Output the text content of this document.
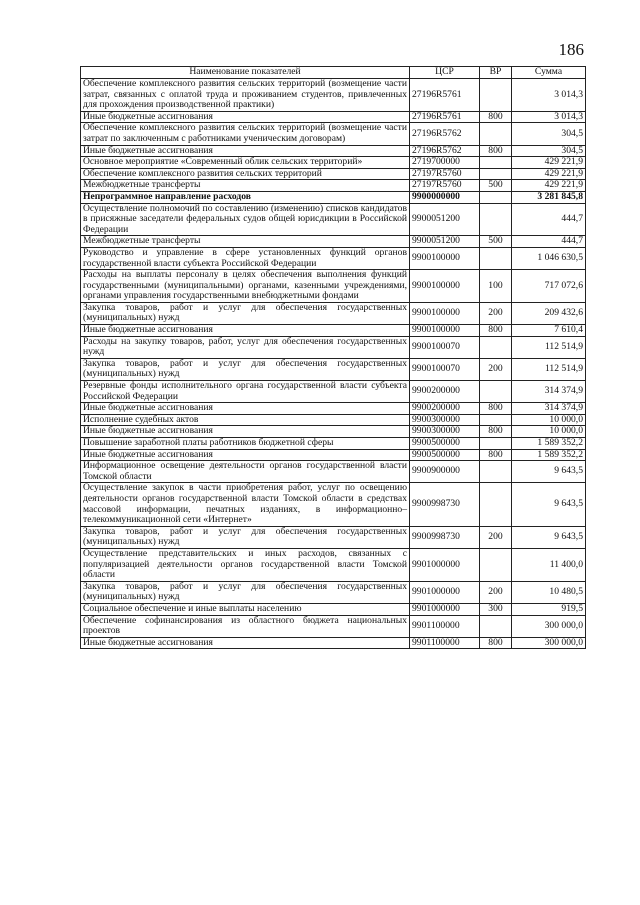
186
Наименование показателей	ЦСР	ВР	Сумма
Обеспечение комплексного развития сельских территорий (возмещение части затрат, связанных с оплатой труда и проживанием студентов, привлеченных для прохождения производственной практики)	27196R5761		3 014,3
Иные бюджетные ассигнования	27196R5761	800	3 014,3
Обеспечение комплексного развития сельских территорий (возмещение части затрат по заключенным с работниками ученическим договорам)	27196R5762		304,5
Иные бюджетные ассигнования	27196R5762	800	304,5
Основное мероприятие «Современный облик сельских территорий»	2719700000		429 221,9
Обеспечение комплексного развития сельских территорий	27197R5760		429 221,9
Межбюджетные трансферты	27197R5760	500	429 221,9
Непрограммное направление расходов	9900000000		3 281 845,8
Осуществление полномочий по составлению (изменению) списков кандидатов в присяжные заседатели федеральных судов общей юрисдикции в Российской Федерации	9900051200		444,7
Межбюджетные трансферты	9900051200	500	444,7
Руководство и управление в сфере установленных функций органов государственной власти субъекта Российской Федерации	9900100000		1 046 630,5
Расходы на выплаты персоналу в целях обеспечения выполнения функций государственными (муниципальными) органами, казенными учреждениями, органами управления государственными внебюджетными фондами	9900100000	100	717 072,6
Закупка товаров, работ и услуг для обеспечения государственных (муниципальных) нужд	9900100000	200	209 432,6
Иные бюджетные ассигнования	9900100000	800	7 610,4
Расходы на закупку товаров, работ, услуг для обеспечения государственных нужд	9900100070		112 514,9
Закупка товаров, работ и услуг для обеспечения государственных (муниципальных) нужд	9900100070	200	112 514,9
Резервные фонды исполнительного органа государственной власти субъекта Российской Федерации	9900200000		314 374,9
Иные бюджетные ассигнования	9900200000	800	314 374,9
Исполнение судебных актов	9900300000		10 000,0
Иные бюджетные ассигнования	9900300000	800	10 000,0
Повышение заработной платы работников бюджетной сферы	9900500000		1 589 352,2
Иные бюджетные ассигнования	9900500000	800	1 589 352,2
Информационное освещение деятельности органов государственной власти Томской области	9900900000		9 643,5
Осуществление закупок в части приобретения работ, услуг по освещению деятельности органов государственной власти Томской области в средствах массовой информации, печатных изданиях, в информационно–телекоммуникационной сети «Интернет»	9900998730		9 643,5
Закупка товаров, работ и услуг для обеспечения государственных (муниципальных) нужд	9900998730	200	9 643,5
Осуществление представительских и иных расходов, связанных с популяризацией деятельности органов государственной власти Томской области	9901000000		11 400,0
Закупка товаров, работ и услуг для обеспечения государственных (муниципальных) нужд	9901000000	200	10 480,5
Социальное обеспечение и иные выплаты населению	9901000000	300	919,5
Обеспечение софинансирования из областного бюджета национальных проектов	9901100000		300 000,0
Иные бюджетные ассигнования	9901100000	800	300 000,0
